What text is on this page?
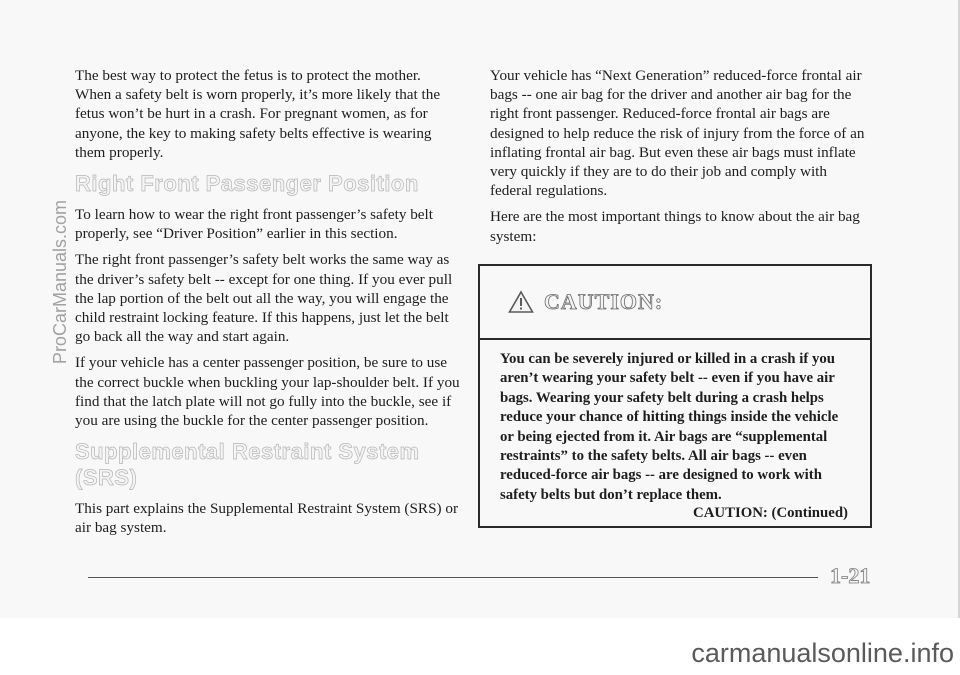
The best way to protect the fetus is to protect the mother. When a safety belt is worn properly, it’s more likely that the fetus won’t be hurt in a crash. For pregnant women, as for anyone, the key to making safety belts effective is wearing them properly.

Right Front Passenger Position

To learn how to wear the right front passenger’s safety belt properly, see “Driver Position” earlier in this section.

The right front passenger’s safety belt works the same way as the driver’s safety belt -- except for one thing. If you ever pull the lap portion of the belt out all the way, you will engage the child restraint locking feature. If this happens, just let the belt go back all the way and start again.

If your vehicle has a center passenger position, be sure to use the correct buckle when buckling your lap-shoulder belt. If you find that the latch plate will not go fully into the buckle, see if you are using the buckle for the center passenger position.

Supplemental Restraint System (SRS)

This part explains the Supplemental Restraint System (SRS) or air bag system.

Your vehicle has “Next Generation” reduced-force frontal air bags -- one air bag for the driver and another air bag for the right front passenger. Reduced-force frontal air bags are designed to help reduce the risk of injury from the force of an inflating frontal air bag. But even these air bags must inflate very quickly if they are to do their job and comply with federal regulations.

Here are the most important things to know about the air bag system:

CAUTION:

You can be severely injured or killed in a crash if you aren’t wearing your safety belt -- even if you have air bags. Wearing your safety belt during a crash helps reduce your chance of hitting things inside the vehicle or being ejected from it. Air bags are “supplemental restraints” to the safety belts. All air bags -- even reduced-force air bags -- are designed to work with safety belts but don’t replace them.

CAUTION: (Continued)

1-21
ProCarManuals.com
carmanualsonline.info
